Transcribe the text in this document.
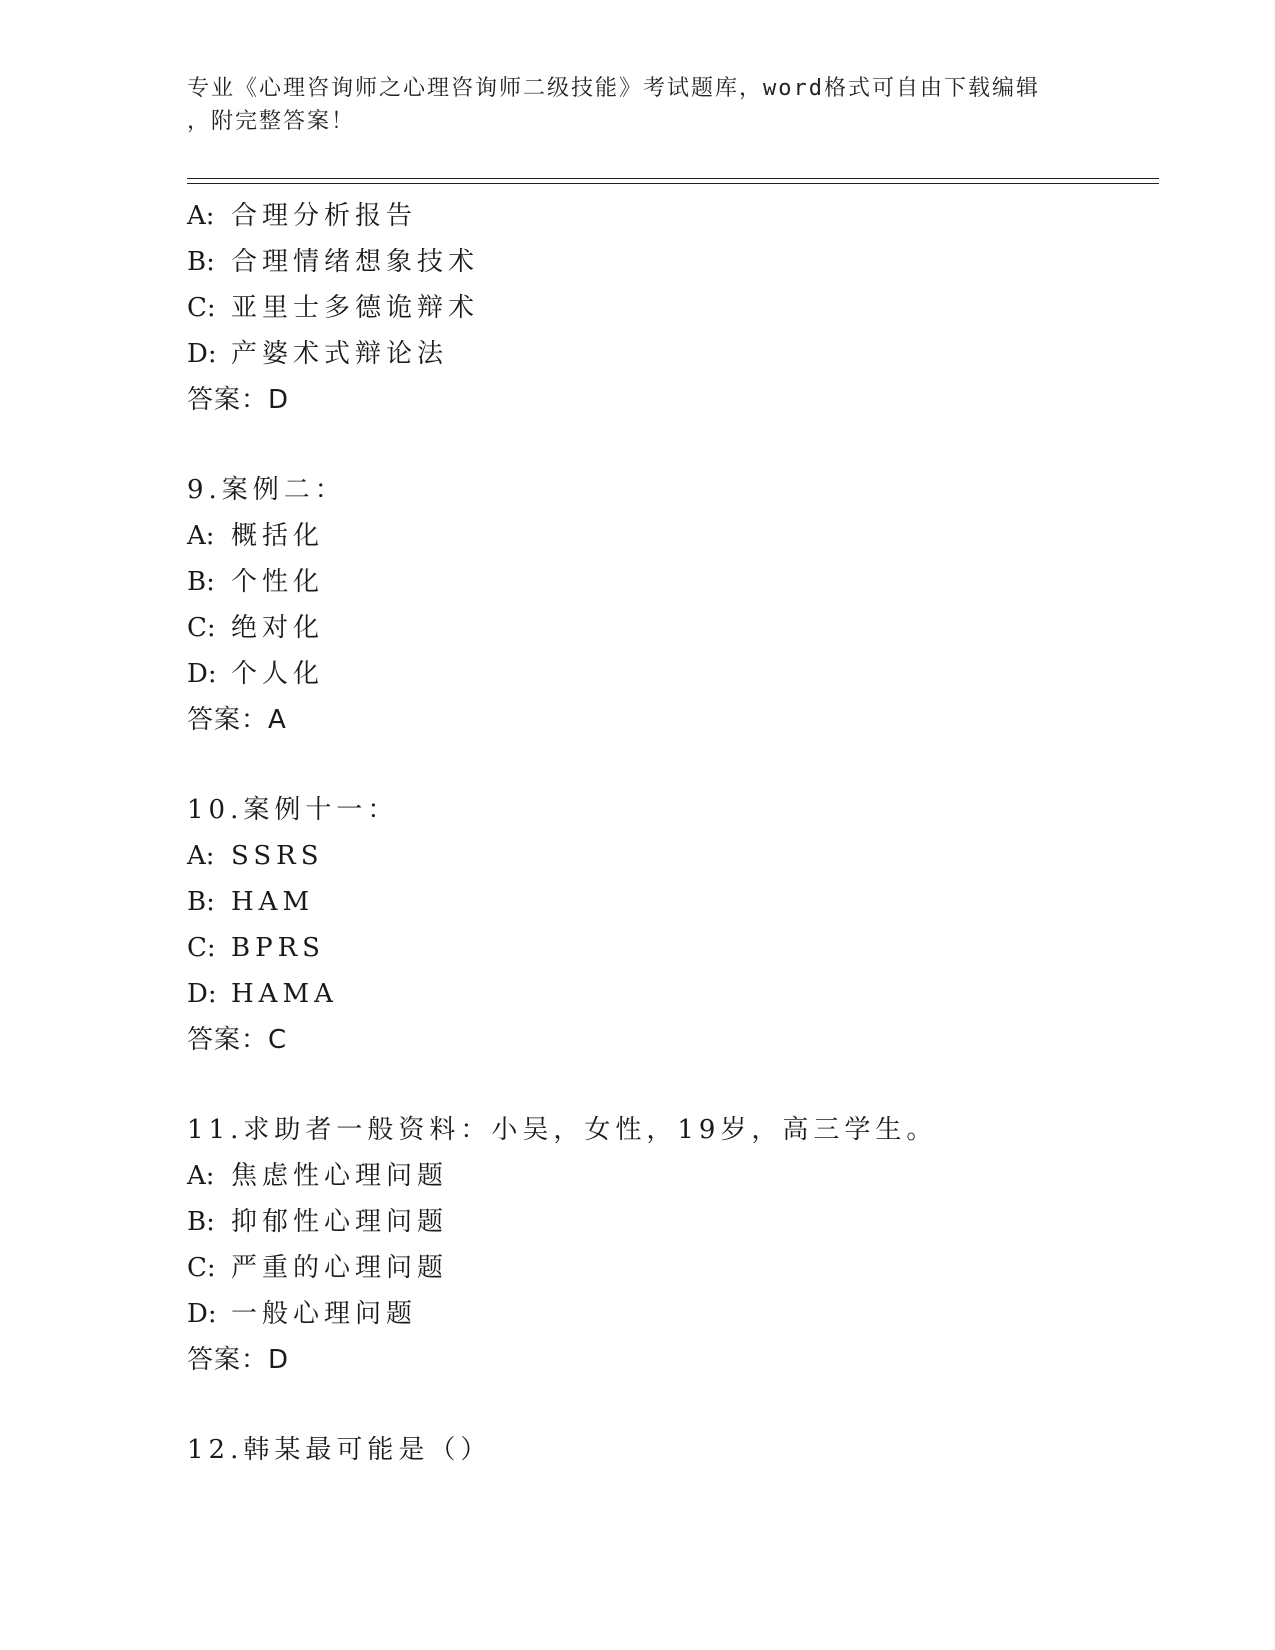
专业《心理咨询师之心理咨询师二级技能》考试题库，word格式可自由下载编辑
，附完整答案！
A: 合理分析报告
B: 合理情绪想象技术
C: 亚里士多德诡辩术
D: 产婆术式辩论法
答案：D
9.案例二：
A: 概括化
B: 个性化
C: 绝对化
D: 个人化
答案：A
10.案例十一：
A: SSRS
B: HAM
C: BPRS
D: HAMA
答案：C
11.求助者一般资料：小吴，女性，19岁，高三学生。
A: 焦虑性心理问题
B: 抑郁性心理问题
C: 严重的心理问题
D: 一般心理问题
答案：D
12.韩某最可能是（）
